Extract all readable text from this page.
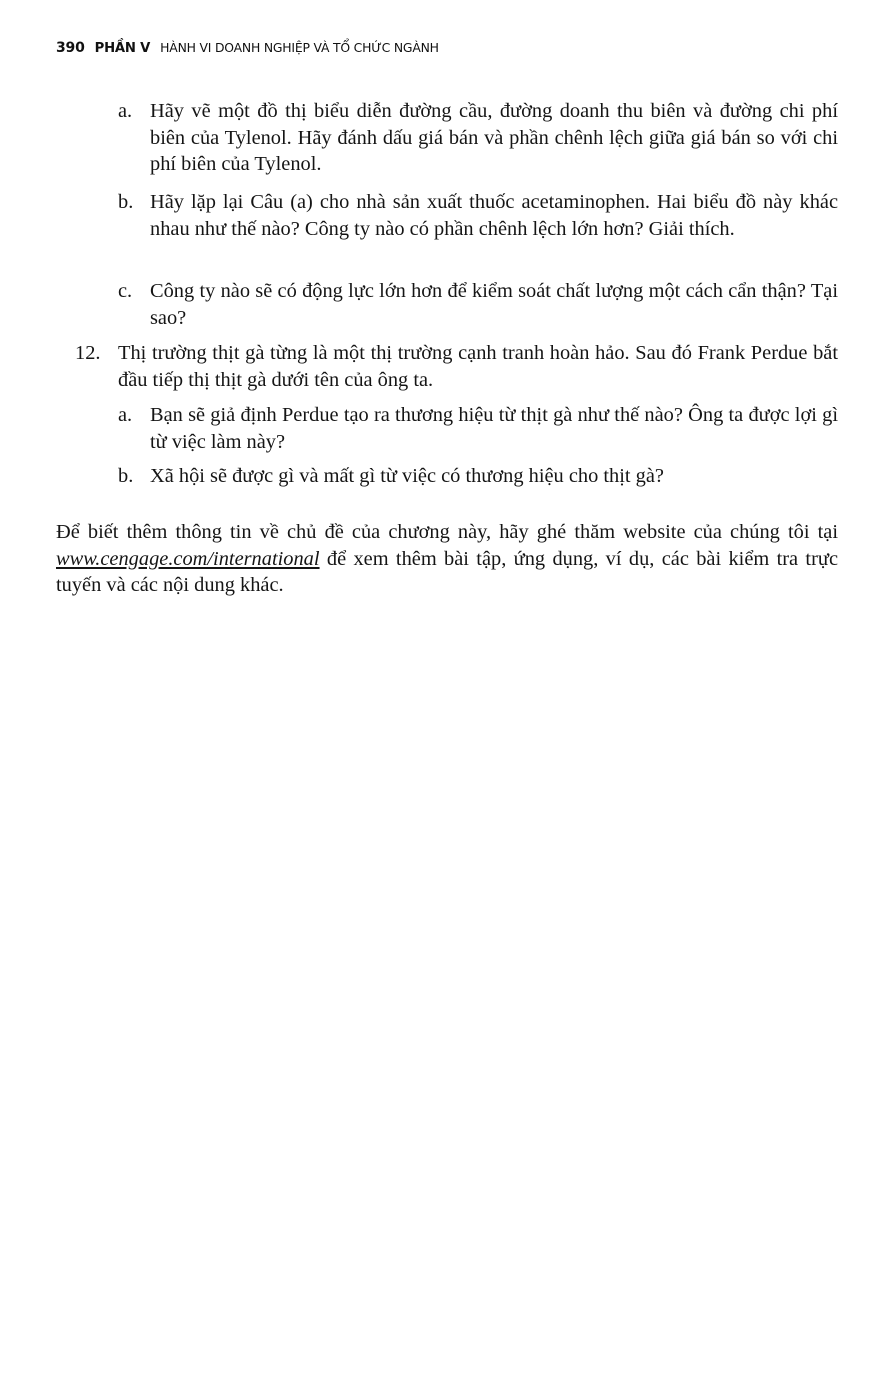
390 PHẦN V HÀNH VI DOANH NGHIỆP VÀ TỔ CHỨC NGÀNH
a. Hãy vẽ một đồ thị biểu diễn đường cầu, đường doanh thu biên và đường chi phí biên của Tylenol. Hãy đánh dấu giá bán và phần chênh lệch giữa giá bán so với chi phí biên của Tylenol.
b. Hãy lặp lại Câu (a) cho nhà sản xuất thuốc acetaminophen. Hai biểu đồ này khác nhau như thế nào? Công ty nào có phần chênh lệch lớn hơn? Giải thích.
c. Công ty nào sẽ có động lực lớn hơn để kiểm soát chất lượng một cách cẩn thận? Tại sao?
12. Thị trường thịt gà từng là một thị trường cạnh tranh hoàn hảo. Sau đó Frank Perdue bắt đầu tiếp thị thịt gà dưới tên của ông ta.
a. Bạn sẽ giả định Perdue tạo ra thương hiệu từ thịt gà như thế nào? Ông ta được lợi gì từ việc làm này?
b. Xã hội sẽ được gì và mất gì từ việc có thương hiệu cho thịt gà?
Để biết thêm thông tin về chủ đề của chương này, hãy ghé thăm website của chúng tôi tại www.cengage.com/international để xem thêm bài tập, ứng dụng, ví dụ, các bài kiểm tra trực tuyến và các nội dung khác.
